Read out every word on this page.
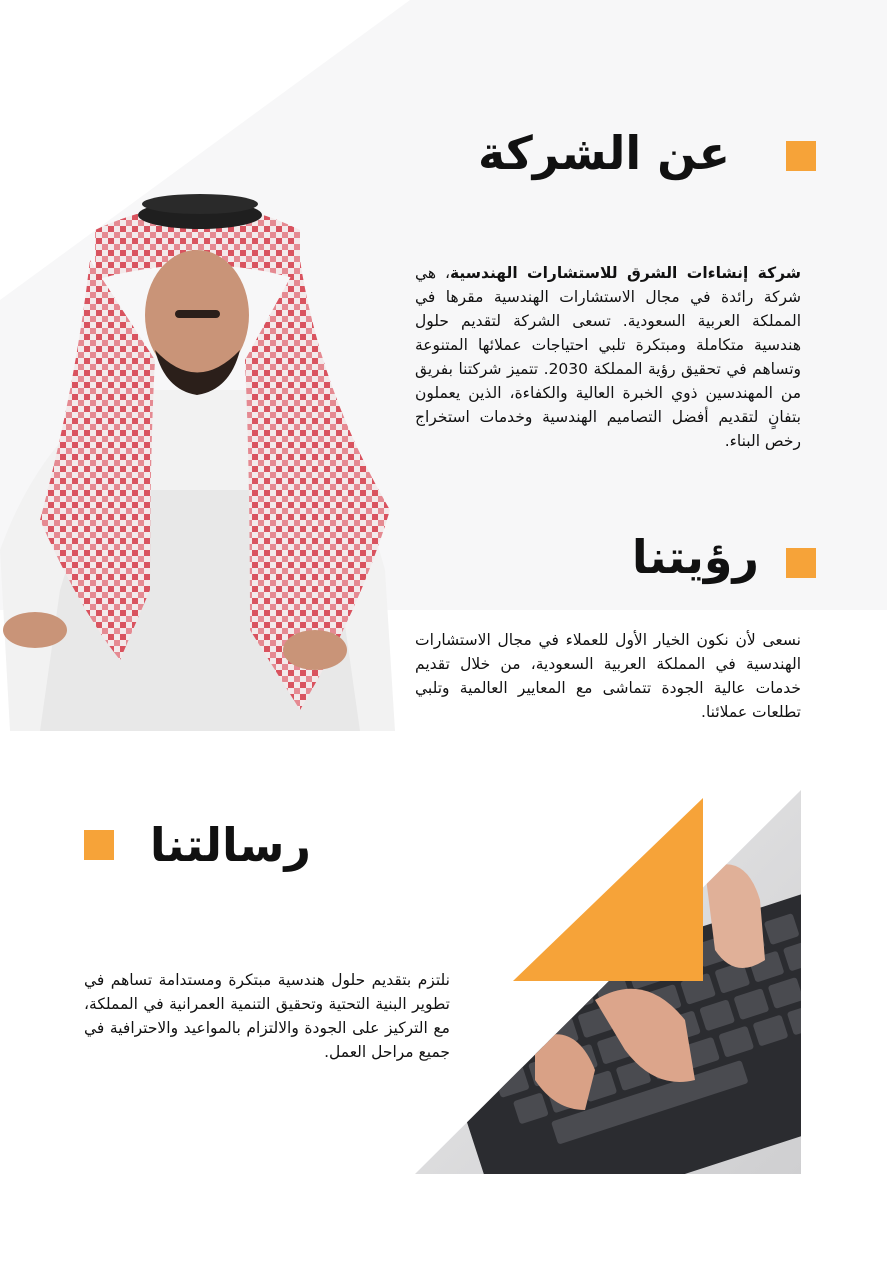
عن الشركة

شركة إنشاءات الشرق للاستشارات الهندسية، هي شركة رائدة في مجال الاستشارات الهندسية مقرها في المملكة العربية السعودية. تسعى الشركة لتقديم حلول هندسية متكاملة ومبتكرة تلبي احتياجات عملائها المتنوعة وتساهم في تحقيق رؤية المملكة 2030. تتميز شركتنا بفريق من المهندسين ذوي الخبرة العالية والكفاءة، الذين يعملون بتفانٍ لتقديم أفضل التصاميم الهندسية وخدمات استخراج رخص البناء.

رؤيتنا

نسعى لأن نكون الخيار الأول للعملاء في مجال الاستشارات الهندسية في المملكة العربية السعودية، من خلال تقديم خدمات عالية الجودة تتماشى مع المعايير العالمية وتلبي تطلعات عملائنا.

رسالتنا

نلتزم بتقديم حلول هندسية مبتكرة ومستدامة تساهم في تطوير البنية التحتية وتحقيق التنمية العمرانية في المملكة، مع التركيز على الجودة والالتزام بالمواعيد والاحترافية في جميع مراحل العمل.
